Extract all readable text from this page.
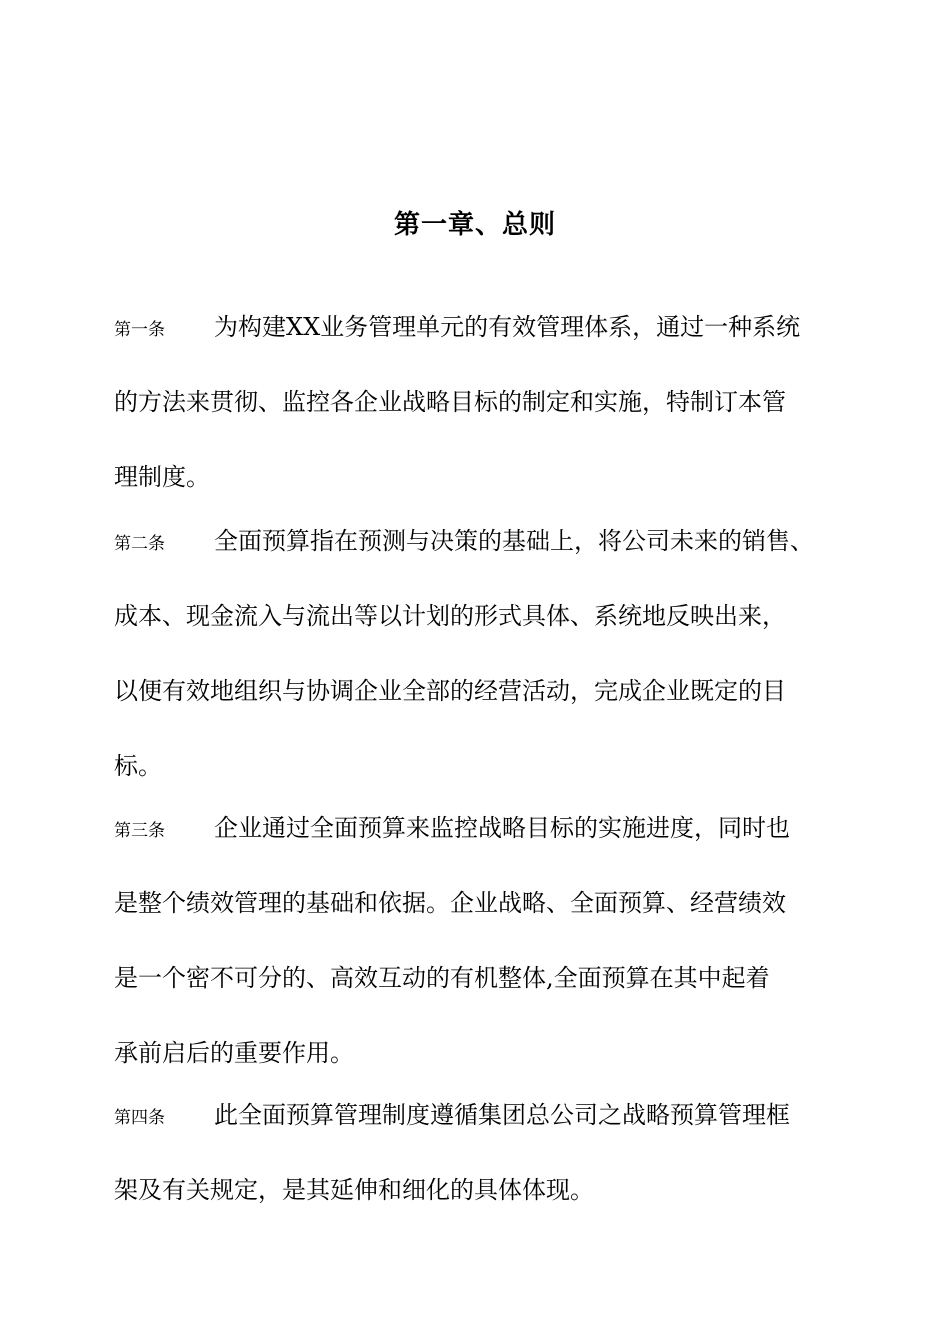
第一章、总则
第一条 为构建XX业务管理单元的有效管理体系，通过一种系统
的方法来贯彻、监控各企业战略目标的制定和实施，特制订本管
理制度。
第二条 全面预算指在预测与决策的基础上，将公司未来的销售、
成本、现金流入与流出等以计划的形式具体、系统地反映出来，
以便有效地组织与协调企业全部的经营活动，完成企业既定的目
标。
第三条 企业通过全面预算来监控战略目标的实施进度，同时也
是整个绩效管理的基础和依据。企业战略、全面预算、经营绩效
是一个密不可分的、高效互动的有机整体,全面预算在其中起着
承前启后的重要作用。
第四条 此全面预算管理制度遵循集团总公司之战略预算管理框
架及有关规定，是其延伸和细化的具体体现。
